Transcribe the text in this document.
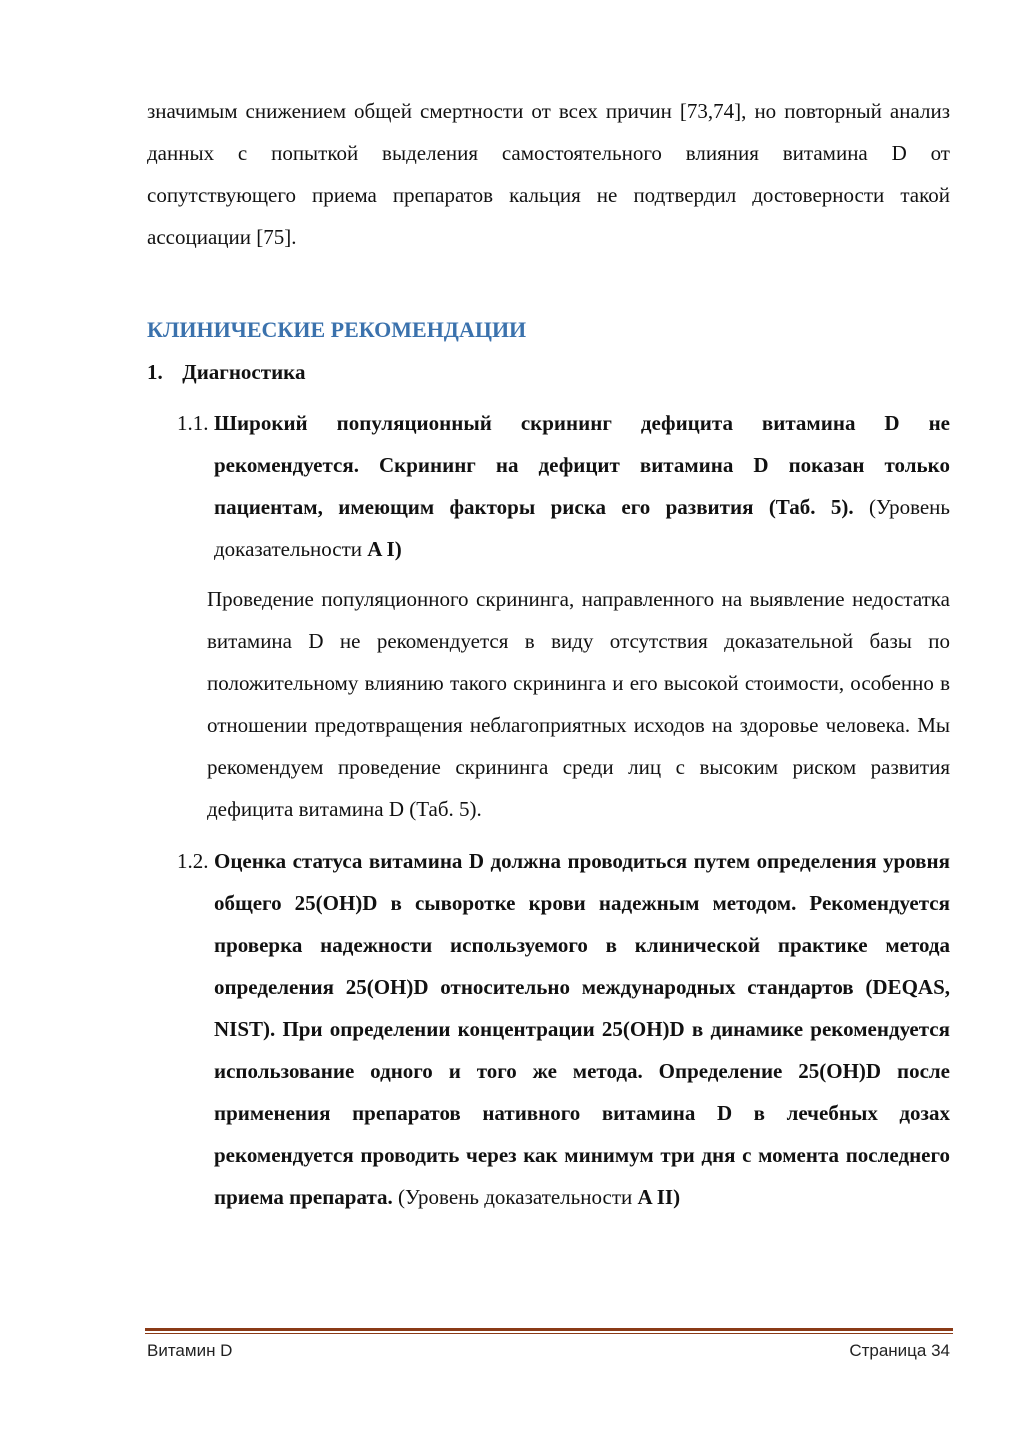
значимым снижением общей смертности от всех причин [73,74], но повторный анализ данных с попыткой выделения самостоятельного влияния витамина D от сопутствующего приема препаратов кальция не подтвердил достоверности такой ассоциации [75].

КЛИНИЧЕСКИЕ РЕКОМЕНДАЦИИ
1. Диагностика
1.1. Широкий популяционный скрининг дефицита витамина D не рекомендуется. Скрининг на дефицит витамина D показан только пациентам, имеющим факторы риска его развития (Таб. 5). (Уровень доказательности A I)

Проведение популяционного скрининга, направленного на выявление недостатка витамина D не рекомендуется в виду отсутствия доказательной базы по положительному влиянию такого скрининга и его высокой стоимости, особенно в отношении предотвращения неблагоприятных исходов на здоровье человека. Мы рекомендуем проведение скрининга среди лиц с высоким риском развития дефицита витамина D (Таб. 5).

1.2. Оценка статуса витамина D должна проводиться путем определения уровня общего 25(OH)D в сыворотке крови надежным методом. Рекомендуется проверка надежности используемого в клинической практике метода определения 25(OH)D относительно международных стандартов (DEQAS, NIST). При определении концентрации 25(OH)D в динамике рекомендуется использование одного и того же метода. Определение 25(OH)D после применения препаратов нативного витамина D в лечебных дозах рекомендуется проводить через как минимум три дня с момента последнего приема препарата. (Уровень доказательности A II)

Витамин D	Страница 34
